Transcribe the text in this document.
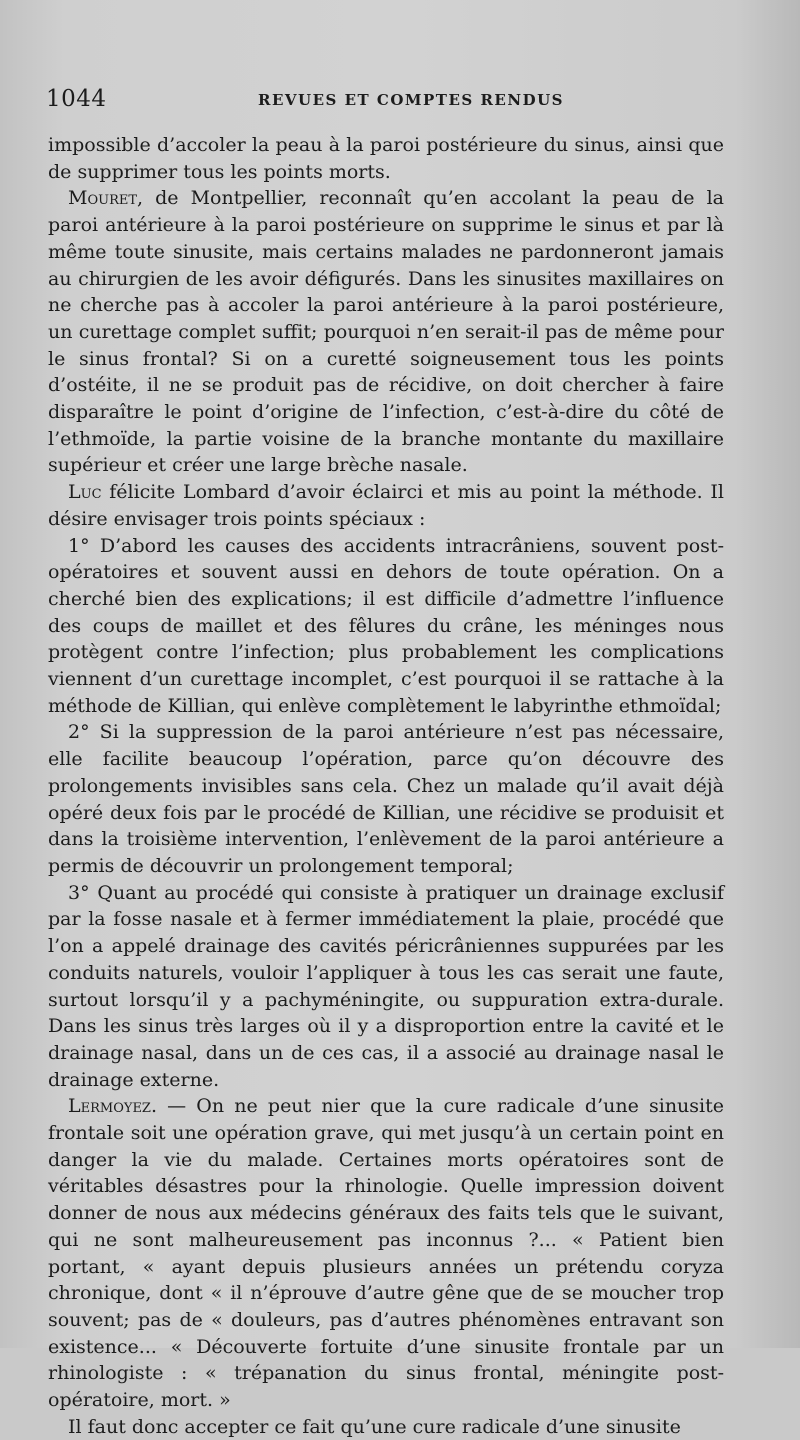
1044	REVUES ET COMPTES RENDUS

impossible d’accoler la peau à la paroi postérieure du sinus, ainsi que de supprimer tous les points morts.

Mouret, de Montpellier, reconnaît qu’en accolant la peau de la paroi antérieure à la paroi postérieure on supprime le sinus et par là même toute sinusite, mais certains malades ne pardonneront jamais au chirurgien de les avoir défigurés. Dans les sinusites maxillaires on ne cherche pas à accoler la paroi antérieure à la paroi postérieure, un curettage complet suffit; pourquoi n’en serait-il pas de même pour le sinus frontal? Si on a curetté soigneusement tous les points d’ostéite, il ne se produit pas de récidive, on doit chercher à faire disparaître le point d’origine de l’infection, c’est-à-dire du côté de l’ethmoïde, la partie voisine de la branche montante du maxillaire supérieur et créer une large brèche nasale.

Luc félicite Lombard d’avoir éclairci et mis au point la méthode. Il désire envisager trois points spéciaux :

1° D’abord les causes des accidents intracrâniens, souvent post-opératoires et souvent aussi en dehors de toute opération. On a cherché bien des explications; il est difficile d’admettre l’influence des coups de maillet et des fêlures du crâne, les méninges nous protègent contre l’infection; plus probablement les complications viennent d’un curettage incomplet, c’est pourquoi il se rattache à la méthode de Killian, qui enlève complètement le labyrinthe ethmoïdal;

2° Si la suppression de la paroi antérieure n’est pas nécessaire, elle facilite beaucoup l’opération, parce qu’on découvre des prolongements invisibles sans cela. Chez un malade qu’il avait déjà opéré deux fois par le procédé de Killian, une récidive se produisit et dans la troisième intervention, l’enlèvement de la paroi antérieure a permis de découvrir un prolongement temporal;

3° Quant au procédé qui consiste à pratiquer un drainage exclusif par la fosse nasale et à fermer immédiatement la plaie, procédé que l’on a appelé drainage des cavités péricrâniennes suppurées par les conduits naturels, vouloir l’appliquer à tous les cas serait une faute, surtout lorsqu’il y a pachyméningite, ou suppuration extra-durale. Dans les sinus très larges où il y a disproportion entre la cavité et le drainage nasal, dans un de ces cas, il a associé au drainage nasal le drainage externe.

Lermoyez. — On ne peut nier que la cure radicale d’une sinusite frontale soit une opération grave, qui met jusqu’à un certain point en danger la vie du malade. Certaines morts opératoires sont de véritables désastres pour la rhinologie. Quelle impression doivent donner de nous aux médecins généraux des faits tels que le suivant, qui ne sont malheureusement pas inconnus ?... « Patient bien portant, « ayant depuis plusieurs années un prétendu coryza chronique, dont « il n’éprouve d’autre gêne que de se moucher trop souvent; pas de « douleurs, pas d’autres phénomènes entravant son existence... « Découverte fortuite d’une sinusite frontale par un rhinologiste : « trépanation du sinus frontal, méningite post-opératoire, mort. »

Il faut donc accepter ce fait qu’une cure radicale d’une sinusite
